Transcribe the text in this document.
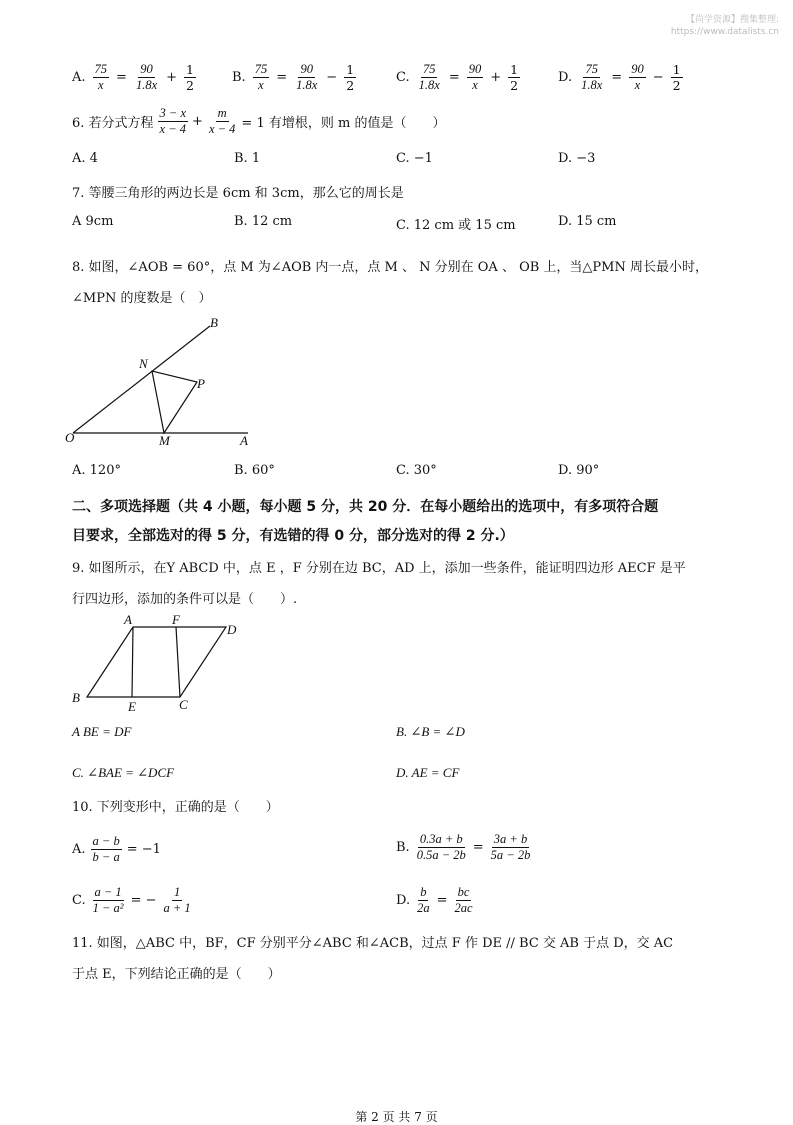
【尚学资源】搜集整理:
https://www.datalists.cn
A. $\frac{75}{x} = \frac{90}{1.8x} + \frac{1}{2}$	B. $\frac{75}{x} = \frac{90}{1.8x} - \frac{1}{2}$	C. $\frac{75}{1.8x} = \frac{90}{x} + \frac{1}{2}$	D. $\frac{75}{1.8x} = \frac{90}{x} - \frac{1}{2}$
6. 若分式方程 $\frac{3 - x}{x - 4} + \frac{m}{x - 4} = 1$ 有增根，则 m 的值是（　　）
A. 4	B. 1	C. −1	D. −3
7. 等腰三角形的两边长是 6cm 和 3cm，那么它的周长是
A 9cm	B. 12 cm	C. 12 cm 或 15 cm	D. 15 cm
8. 如图，∠AOB = 60°，点 M 为∠AOB 内一点，点 M 、 N 分别在 OA 、 OB 上，当△PMN 周长最小时，
∠MPN 的度数是（　）
B
N
P
O	M	A
A. 120°	B. 60°	C. 30°	D. 90°
二、多项选择题（共 4 小题，每小题 5 分，共 20 分．在每小题给出的选项中，有多项符合题
目要求，全部选对的得 5 分，有选错的得 0 分，部分选对的得 2 分.）
9. 如图所示，在Y ABCD 中，点 E ，F 分别在边 BC，AD 上，添加一些条件，能证明四边形 AECF 是平
行四边形，添加的条件可以是（　　）.
A	F
D
B
E	C
A BE = DF	B. ∠B = ∠D
C. ∠BAE = ∠DCF	D. AE = CF
10. 下列变形中，正确的是（　　）
A. $\frac{a - b}{b - a} = -1$	B. $\frac{0.3a + b}{0.5a - 2b} = \frac{3a + b}{5a - 2b}$
C. $\frac{a - 1}{\text{1 − a²}}$ = − $\frac{1}{a + 1}$	D. $\frac{b}{2a} = \frac{bc}{2ac}$
11. 如图，△ABC 中，BF，CF 分别平分∠ABC 和∠ACB，过点 F 作 DE // BC 交 AB 于点 D，交 AC
于点 E，下列结论正确的是（　　）
第 2 页 共 7 页
